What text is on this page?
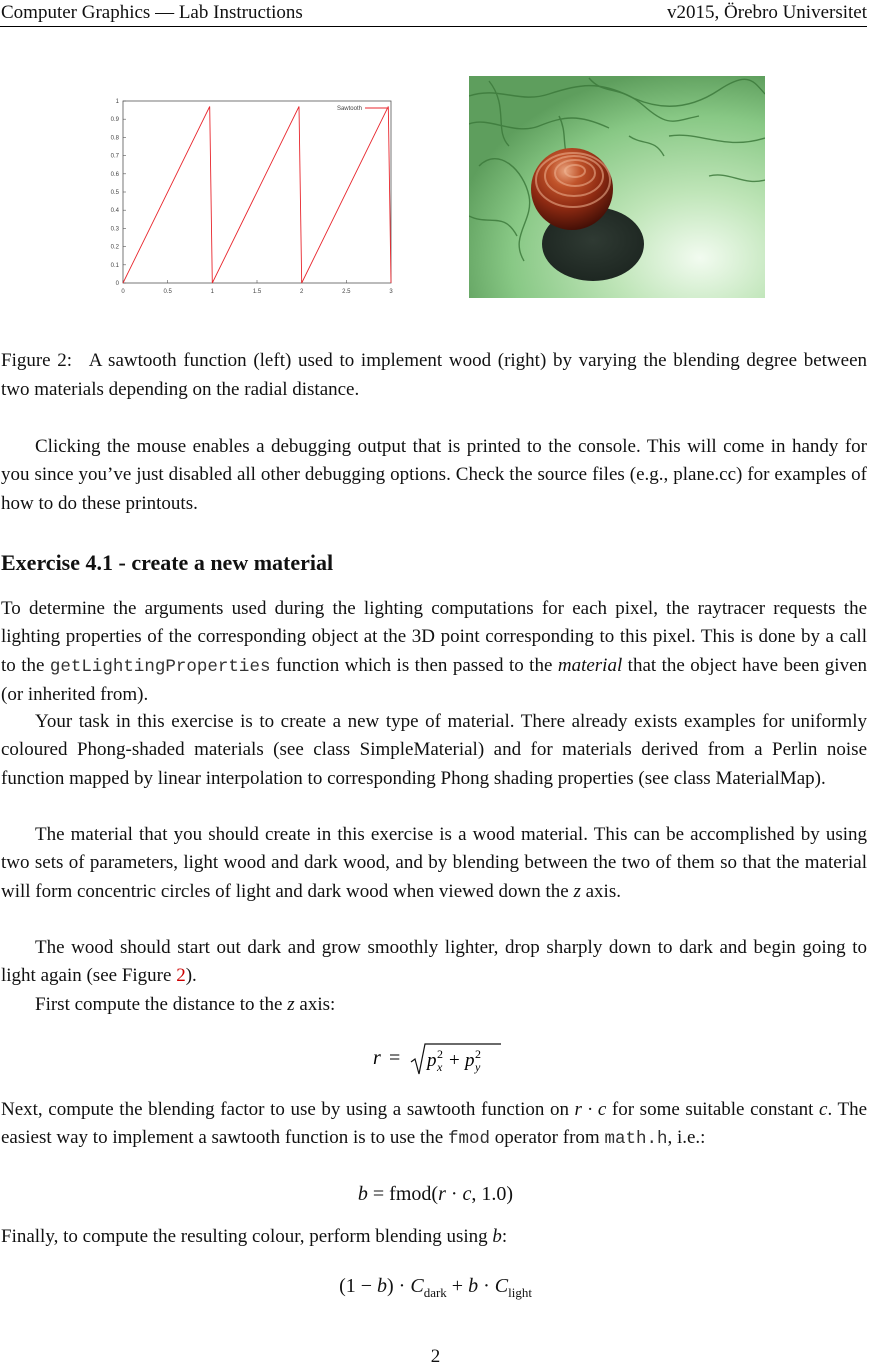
Computer Graphics — Lab Instructions	v2015, Örebro Universitet
0	0.5	1	1.5	2	2.5	3
0
0.1
0.2
0.3
0.4
0.5
0.6
0.7
0.8
0.9
1
Sawtooth
Figure 2: A sawtooth function (left) used to implement wood (right) by varying the blending degree between two materials depending on the radial distance.
Clicking the mouse enables a debugging output that is printed to the console. This will come in handy for you since you’ve just disabled all other debugging options. Check the source files (e.g., plane.cc) for examples of how to do these printouts.
Exercise 4.1 - create a new material
To determine the arguments used during the lighting computations for each pixel, the raytracer requests the lighting properties of the corresponding object at the 3D point corresponding to this pixel. This is done by a call to the getLightingProperties function which is then passed to the material that the object have been given (or inherited from).
Your task in this exercise is to create a new type of material. There already exists examples for uniformly coloured Phong-shaded materials (see class SimpleMaterial) and for materials derived from a Perlin noise function mapped by linear interpolation to corresponding Phong shading properties (see class MaterialMap).
The material that you should create in this exercise is a wood material. This can be accomplished by using two sets of parameters, light wood and dark wood, and by blending between the two of them so that the material will form concentric circles of light and dark wood when viewed down the z axis.
The wood should start out dark and grow smoothly lighter, drop sharply down to dark and begin going to light again (see Figure 2).
First compute the distance to the z axis:
r = p 2
x + p 2
y
Next, compute the blending factor to use by using a sawtooth function on r · c for some suitable constant c. The easiest way to implement a sawtooth function is to use the fmod operator from math.h, i.e.:
b = fmod(r · c, 1.0)
Finally, to compute the resulting colour, perform blending using b:
$(1 - b) \cdot C_{dark} + b \cdot C_{light}$
2
